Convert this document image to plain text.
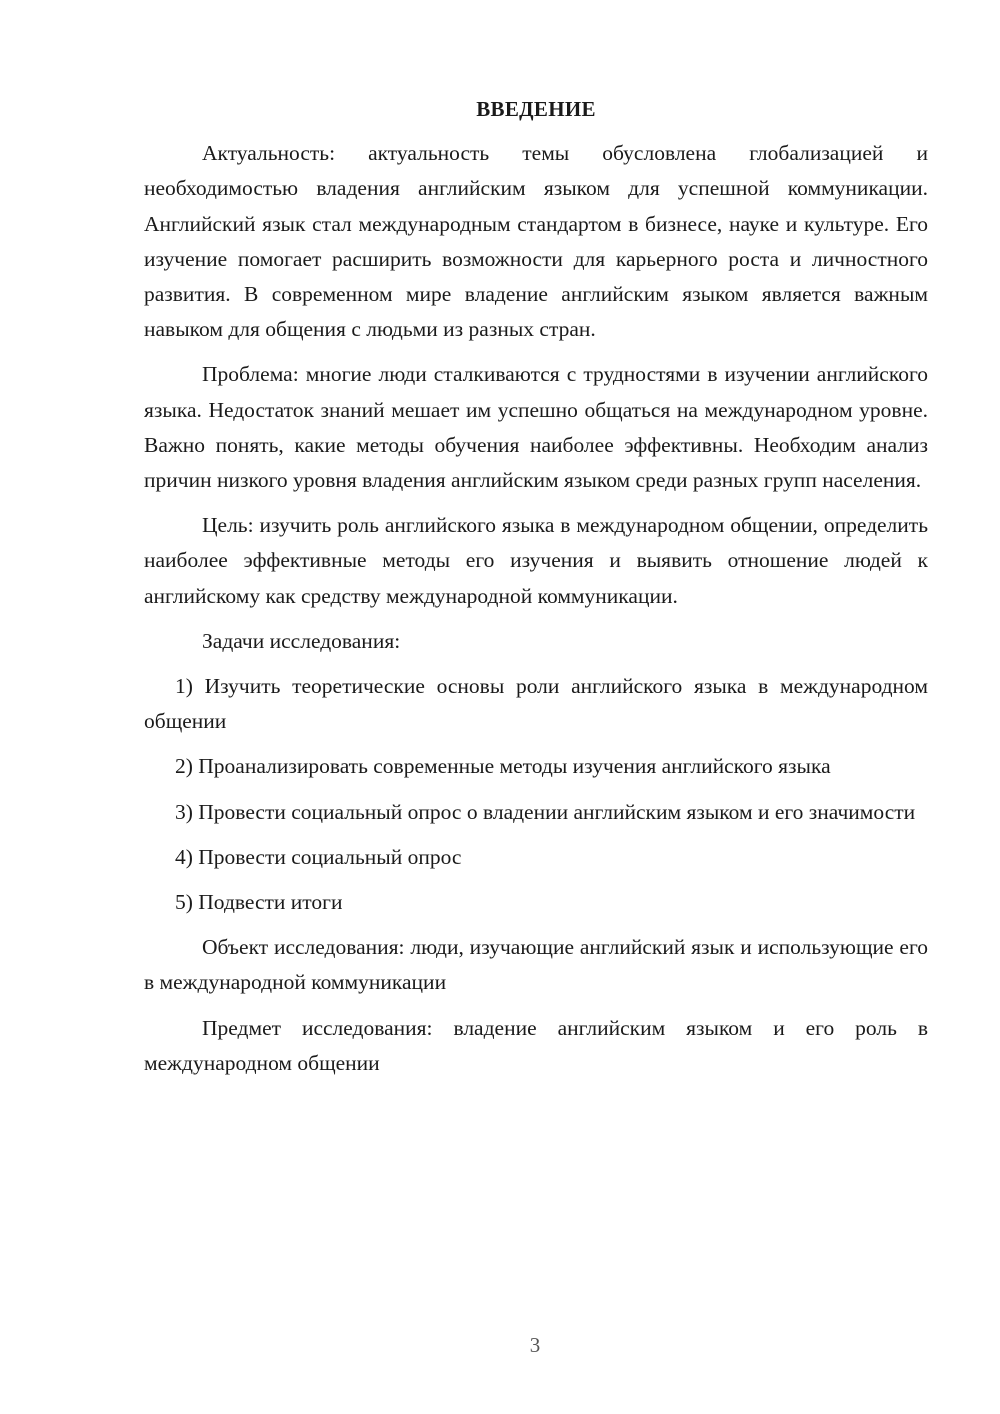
ВВЕДЕНИЕ

Актуальность: актуальность темы обусловлена глобализацией и необходимостью владения английским языком для успешной коммуникации. Английский язык стал международным стандартом в бизнесе, науке и культуре. Его изучение помогает расширить возможности для карьерного роста и личностного развития. В современном мире владение английским языком является важным навыком для общения с людьми из разных стран.

Проблема: многие люди сталкиваются с трудностями в изучении английского языка. Недостаток знаний мешает им успешно общаться на международном уровне. Важно понять, какие методы обучения наиболее эффективны. Необходим анализ причин низкого уровня владения английским языком среди разных групп населения.

Цель: изучить роль английского языка в международном общении, определить наиболее эффективные методы его изучения и выявить отношение людей к английскому как средству международной коммуникации.

Задачи исследования:

1) Изучить теоретические основы роли английского языка в международном общении

2) Проанализировать современные методы изучения английского языка

3) Провести социальный опрос о владении английским языком и его значимости

4) Провести социальный опрос

5) Подвести итоги

Объект исследования: люди, изучающие английский язык и использующие его в международной коммуникации

Предмет исследования: владение английским языком и его роль в международном общении

3
